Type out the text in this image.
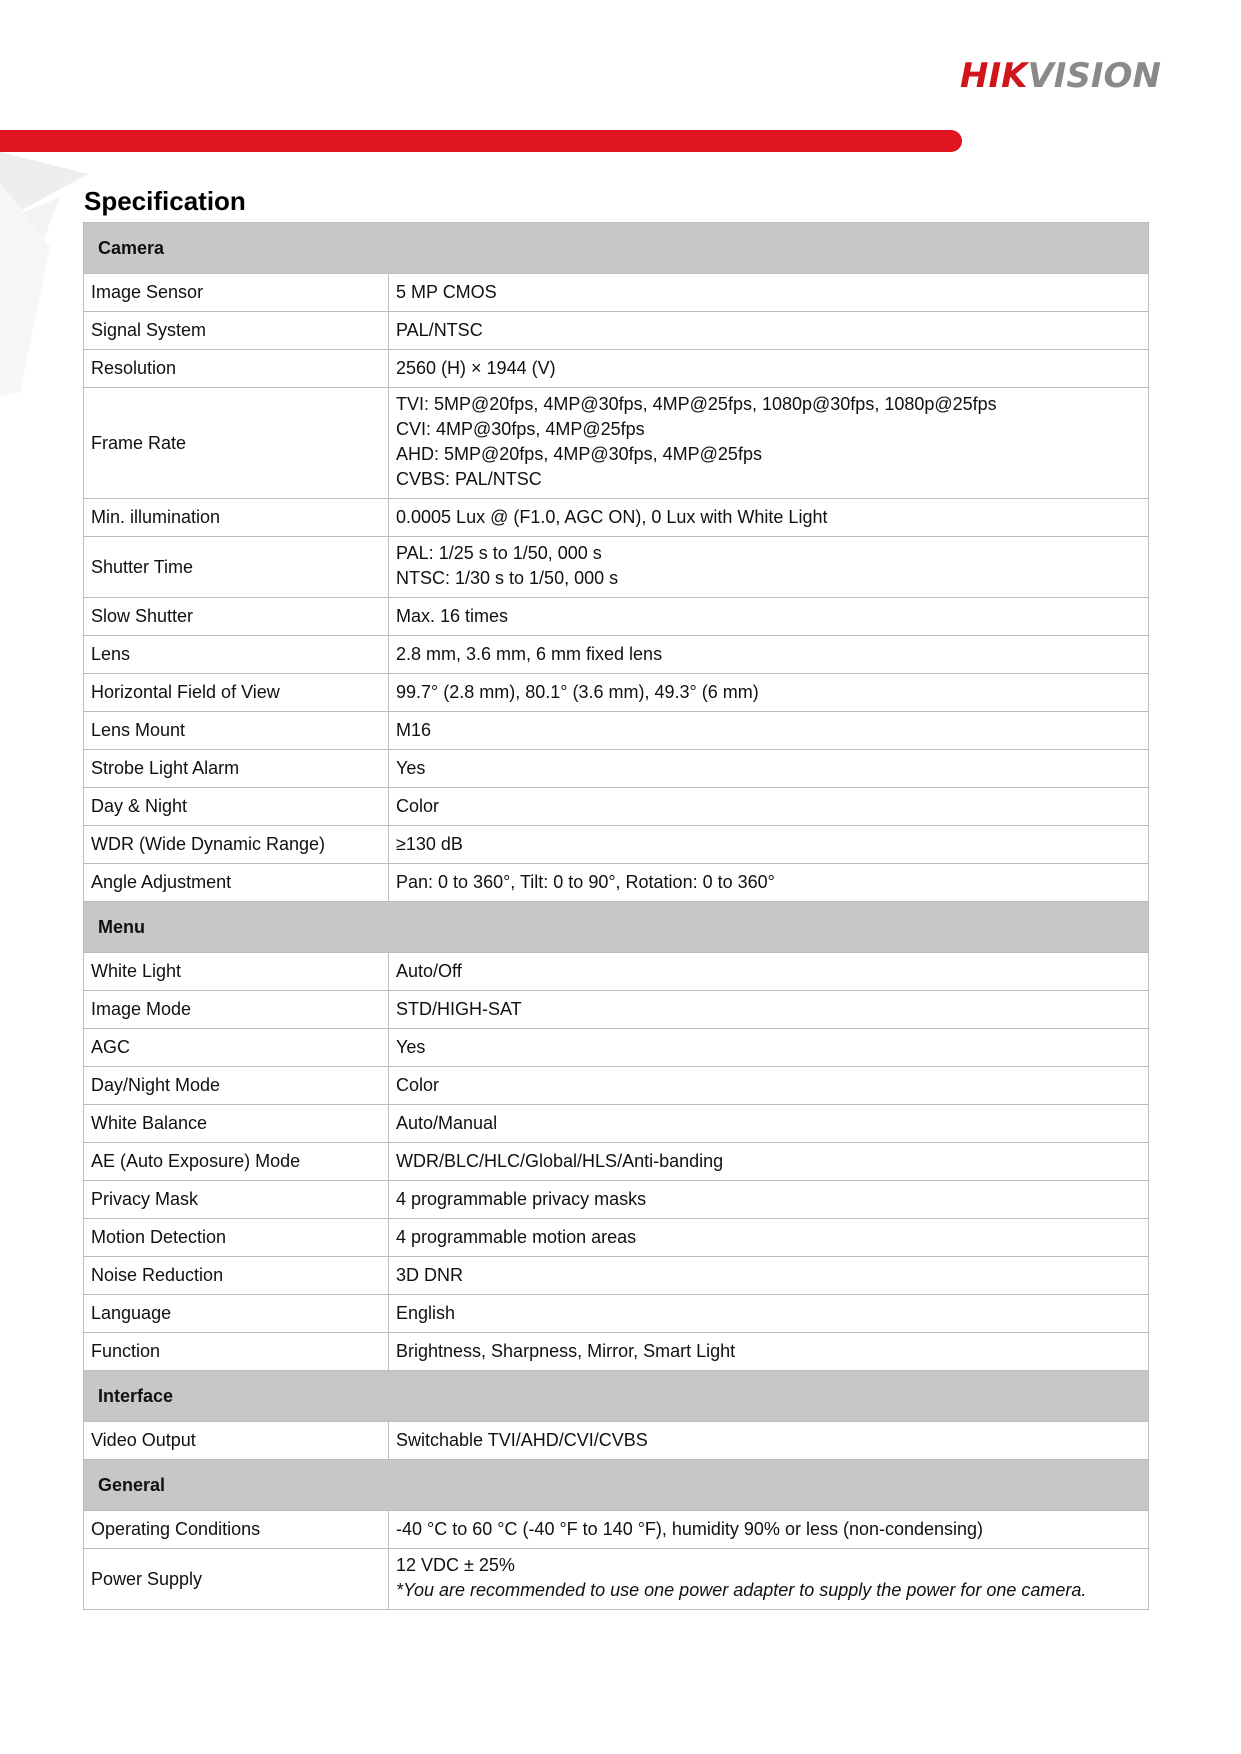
HIKVISION
Specification
Camera	
Image Sensor	5 MP CMOS

Signal System	PAL/NTSC

Resolution	2560 (H) × 1944 (V)

Frame Rate	TVI: 5MP@20fps, 4MP@30fps, 4MP@25fps, 1080p@30fps, 1080p@25fps
CVI: 4MP@30fps, 4MP@25fps
AHD: 5MP@20fps, 4MP@30fps, 4MP@25fps
CVBS: PAL/NTSC

Min. illumination	0.0005 Lux @ (F1.0, AGC ON), 0 Lux with White Light

Shutter Time	PAL: 1/25 s to 1/50, 000 s
NTSC: 1/30 s to 1/50, 000 s

Slow Shutter	Max. 16 times

Lens	2.8 mm, 3.6 mm, 6 mm fixed lens

Horizontal Field of View	99.7° (2.8 mm), 80.1° (3.6 mm), 49.3° (6 mm)

Lens Mount	M16

Strobe Light Alarm	Yes

Day & Night	Color

WDR (Wide Dynamic Range)	≥130 dB

Angle Adjustment	Pan: 0 to 360°, Tilt: 0 to 90°, Rotation: 0 to 360°

Menu	
White Light	Auto/Off

Image Mode	STD/HIGH-SAT

AGC	Yes

Day/Night Mode	Color

White Balance	Auto/Manual

AE (Auto Exposure) Mode	WDR/BLC/HLC/Global/HLS/Anti-banding

Privacy Mask	4 programmable privacy masks

Motion Detection	4 programmable motion areas

Noise Reduction	3D DNR

Language	English

Function	Brightness, Sharpness, Mirror, Smart Light

Interface	
Video Output	Switchable TVI/AHD/CVI/CVBS

General	
Operating Conditions	-40 °C to 60 °C (-40 °F to 140 °F), humidity 90% or less (non-condensing)

Power Supply	12 VDC ± 25%
*You are recommended to use one power adapter to supply the power for one camera.
